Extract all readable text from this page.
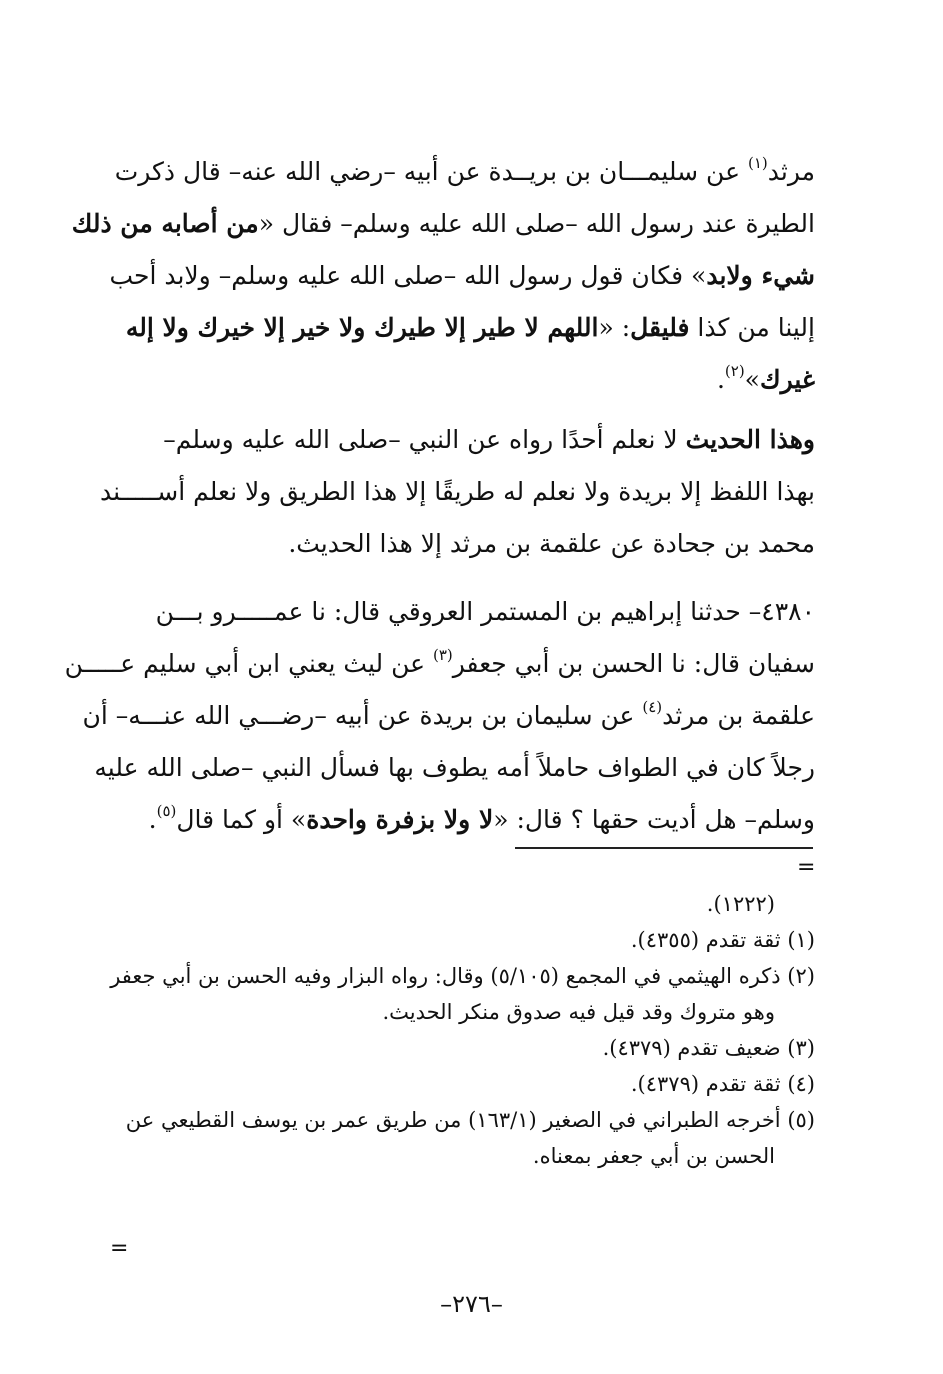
مرثد$^{(١)}$ عن سليمـــان بن بريــدة عن أبيه –رضي الله عنه– قال ذكرت
الطيرة عند رسول الله –صلى الله عليه وسلم– فقال «من أصابه من ذلك
شيء ولابد» فكان قول رسول الله –صلى الله عليه وسلم– ولابد أحب
إلينا من كذا فليقل: «اللهم لا طير إلا طيرك ولا خير إلا خيرك ولا إله
غيرك»$^{(٢)}$.
وهذا الحديث لا نعلم أحدًا رواه عن النبي –صلى الله عليه وسلم–
بهذا اللفظ إلا بريدة ولا نعلم له طريقًا إلا هذا الطريق ولا نعلم أســـــند
محمد بن جحادة عن علقمة بن مرثد إلا هذا الحديث.
٤٣٨٠– حدثنا إبراهيم بن المستمر العروقي قال: نا عمـــــرو بـــن
سفيان قال: نا الحسن بن أبي جعفر$^{(٣)}$ عن ليث يعني ابن أبي سليم عـــــن
علقمة بن مرثد$^{(٤)}$ عن سليمان بن بريدة عن أبيه –رضـــي الله عنـــه– أن
رجلاً كان في الطواف حاملاً أمه يطوف بها فسأل النبي –صلى الله عليه
وسلم– هل أديت حقها ؟ قال: «لا ولا بزفرة واحدة» أو كما قال$^{(٥)}$.
=
(١٢٢٢).
(١) ثقة تقدم (٤٣٥٥).
(٢) ذكره الهيثمي في المجمع (٥/١٠٥) وقال: رواه البزار وفيه الحسن بن أبي جعفر
وهو متروك وقد قيل فيه صدوق منكر الحديث.
(٣) ضعيف تقدم (٤٣٧٩).
(٤) ثقة تقدم (٤٣٧٩).
(٥) أخرجه الطبراني في الصغير (١٦٣/١) من طريق عمر بن يوسف القطيعي عن
الحسن بن أبي جعفر بمعناه.
=
–٢٧٦–
